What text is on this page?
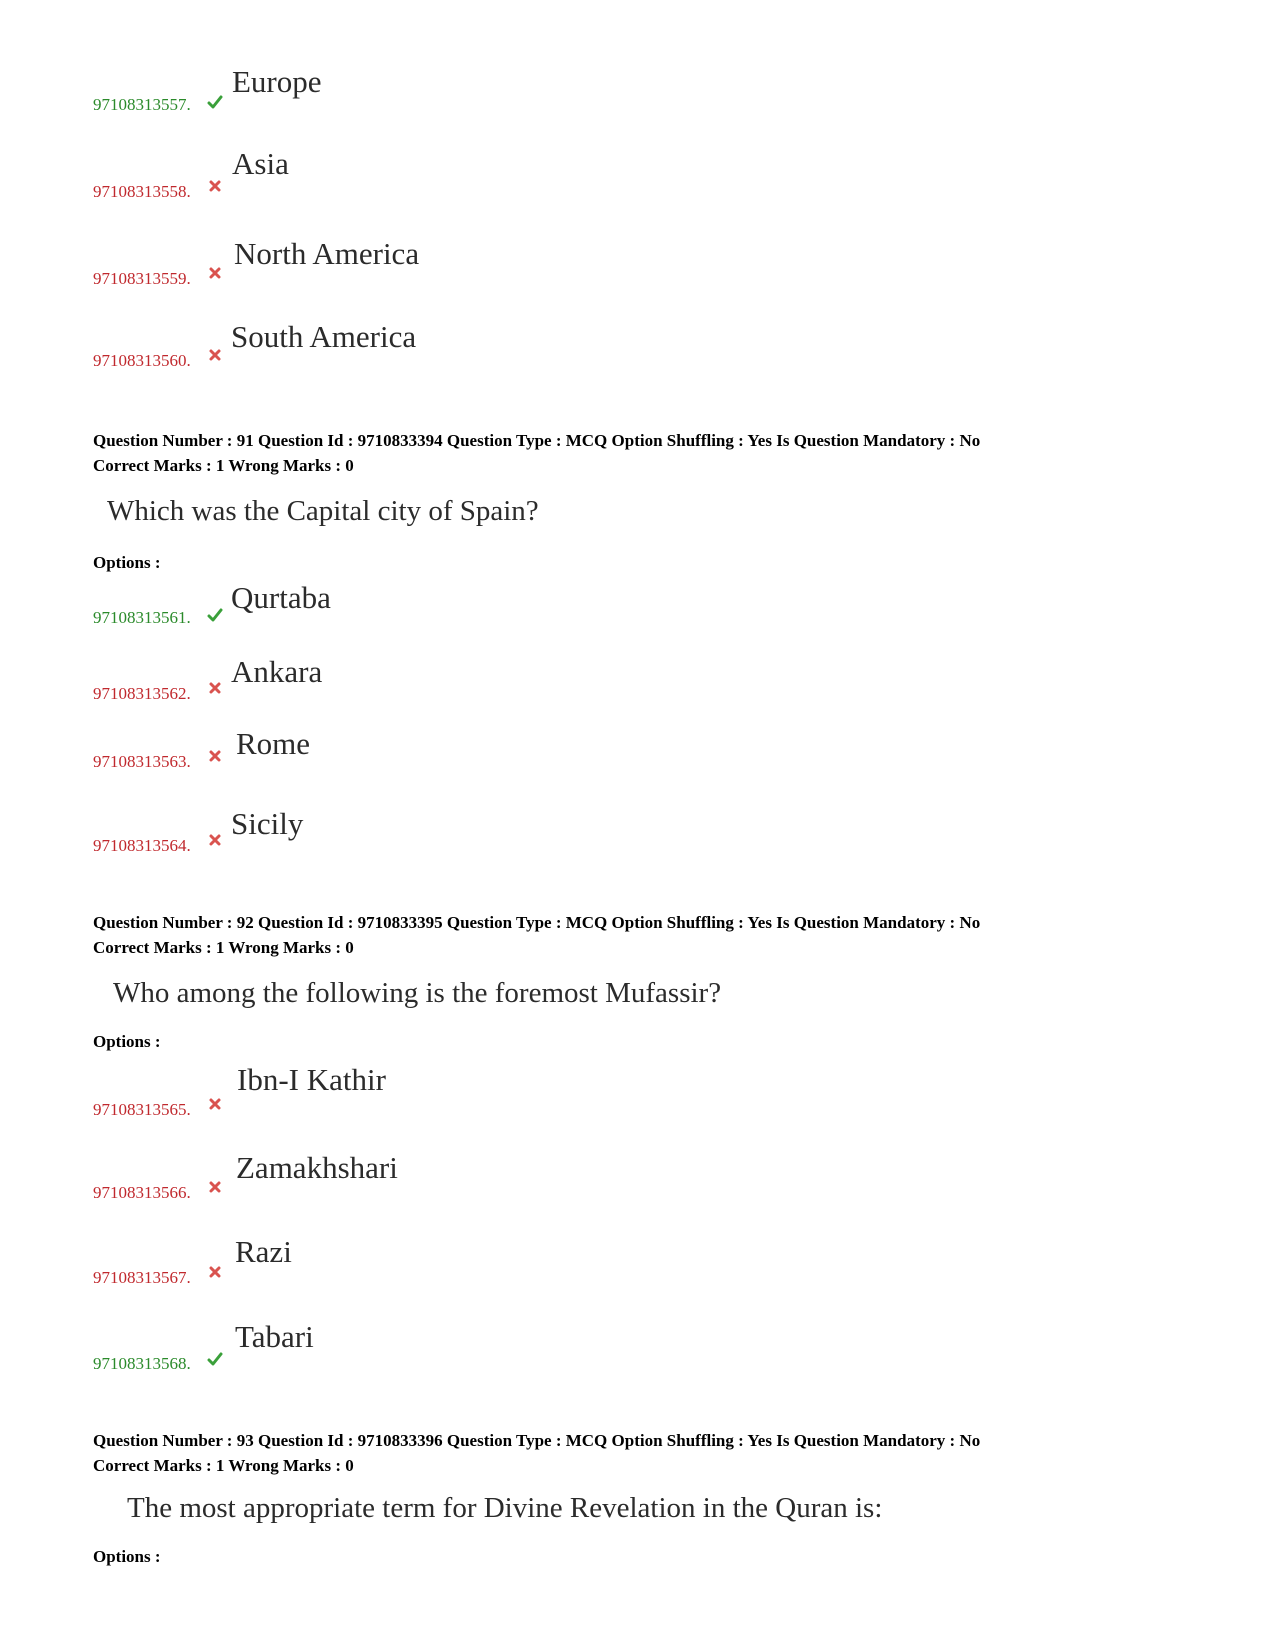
Europe
97108313557.
Asia
97108313558.
North America
97108313559.
South America
97108313560.
Question Number : 91 Question Id : 9710833394 Question Type : MCQ Option Shuffling : Yes Is Question Mandatory : No
Correct Marks : 1 Wrong Marks : 0
Which was the Capital city of Spain?
Options :
Qurtaba
97108313561.
Ankara
97108313562.
Rome
97108313563.
Sicily
97108313564.
Question Number : 92 Question Id : 9710833395 Question Type : MCQ Option Shuffling : Yes Is Question Mandatory : No
Correct Marks : 1 Wrong Marks : 0
Who among the following is the foremost Mufassir?
Options :
Ibn-I Kathir
97108313565.
Zamakhshari
97108313566.
Razi
97108313567.
Tabari
97108313568.
Question Number : 93 Question Id : 9710833396 Question Type : MCQ Option Shuffling : Yes Is Question Mandatory : No
Correct Marks : 1 Wrong Marks : 0
The most appropriate term for Divine Revelation in the Quran is:
Options :
